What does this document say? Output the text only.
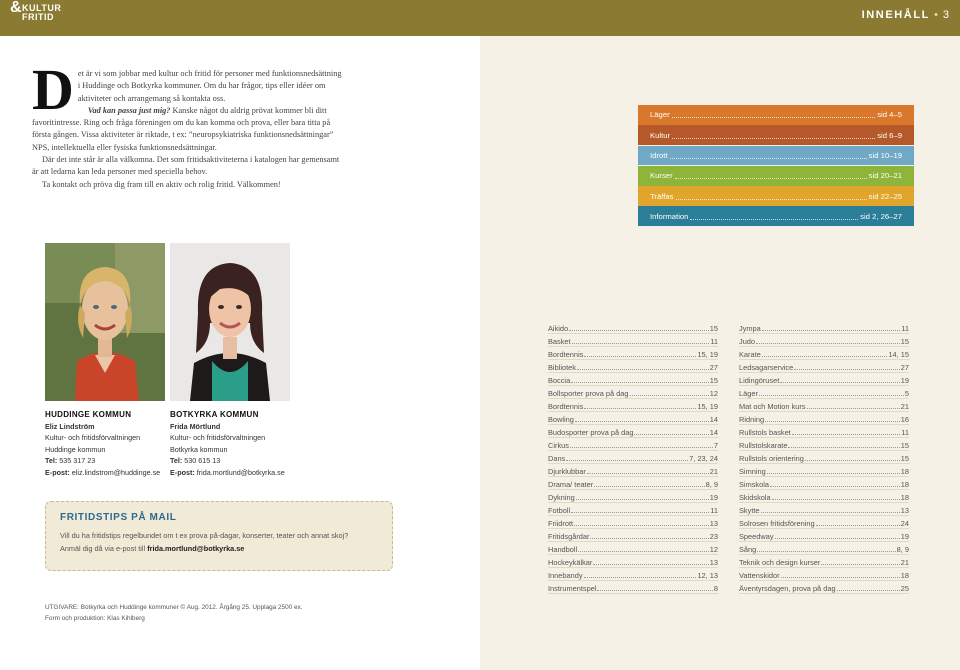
& KULTUR
FRITID	INNEHÅLL • 3
D et är vi som jobbar med kultur och fritid för personer med funktionsnedsättning i Huddinge och Botkyrka kommuner. Om du har frågor, tips eller idéer om aktiviteter och arrangemang så kontakta oss.

Vad kan passa just mig? Kanske något du aldrig prövat kommer bli ditt favoritintresse. Ring och fråga föreningen om du kan komma och prova, eller bara titta på första gången. Vissa aktiviteter är riktade, t ex: ”neuropsykiatriska funktionsnedsättningar” NPS, intellektuella eller fysiska funktionsnedsättningar.

Där det inte står är alla välkomna. Det som fritidsaktiviteterna i katalogen har gemensamt är att ledarna kan leda personer med speciella behov.

Ta kontakt och pröva dig fram till en aktiv och rolig fritid. Välkommen!

HUDDINGE KOMMUN
Eliz Lindström
Kultur- och fritidsförvaltningen
Huddinge kommun
Tel: 535 317 23
E-post: eliz.lindstrom@huddinge.se
BOTKYRKA KOMMUN
Frida Mörtlund
Kultur- och fritidsförvaltningen
Botkyrka kommun
Tel: 530 615 13
E-post: frida.mortlund@botkyrka.se
FRITIDSTIPS PÅ MAIL
Vill du ha fritidstips regelbundet om t ex prova på-dagar, konserter, teater och annat skoj?
Anmäl dig då via e-post till frida.mortlund@botkyrka.se
UTGIVARE: Botkyrka och Huddinge kommuner © Aug. 2012. Årgång 25. Upplaga 2500 ex.
Form och produktion: Klas Kihlberg
Läger	sid 4–5
Kultur	sid 6–9
Idrott	sid 10–19
Kurser	sid 20–21
Träffas	sid 22–25
Information	sid 2, 26–27
Aikido	15
Basket	11
Bordtennis	15, 19
Bibliotek	27
Boccia	15
Bollsporter prova på dag	12
Bordtennis	15, 19
Bowling	14
Budosporter prova på dag	14
Cirkus	7
Dans	7, 23, 24
Djurklubbar	21
Drama/ teater	8, 9
Dykning	19
Fotboll	11
Friidrott	13
Fritidsgårdar	23
Handboll	12
Hockeykälkar	13
Innebandy	12, 13
Instrumentspel	8
Jympa	11
Judo	15
Karate	14, 15
Ledsagarservice	27
Lidingöruset	19
Läger	5
Mat och Motion kurs	21
Ridning	16
Rullstols basket	11
Rullstolskarate	15
Rullstols orientering	15
Simning	18
Simskola	18
Skidskola	18
Skytte	13
Solrosen fritidsförening	24
Speedway	19
Sång	8, 9
Teknik och design kurser	21
Vattenskidor	18
Äventyrsdagen, prova på dag	25
